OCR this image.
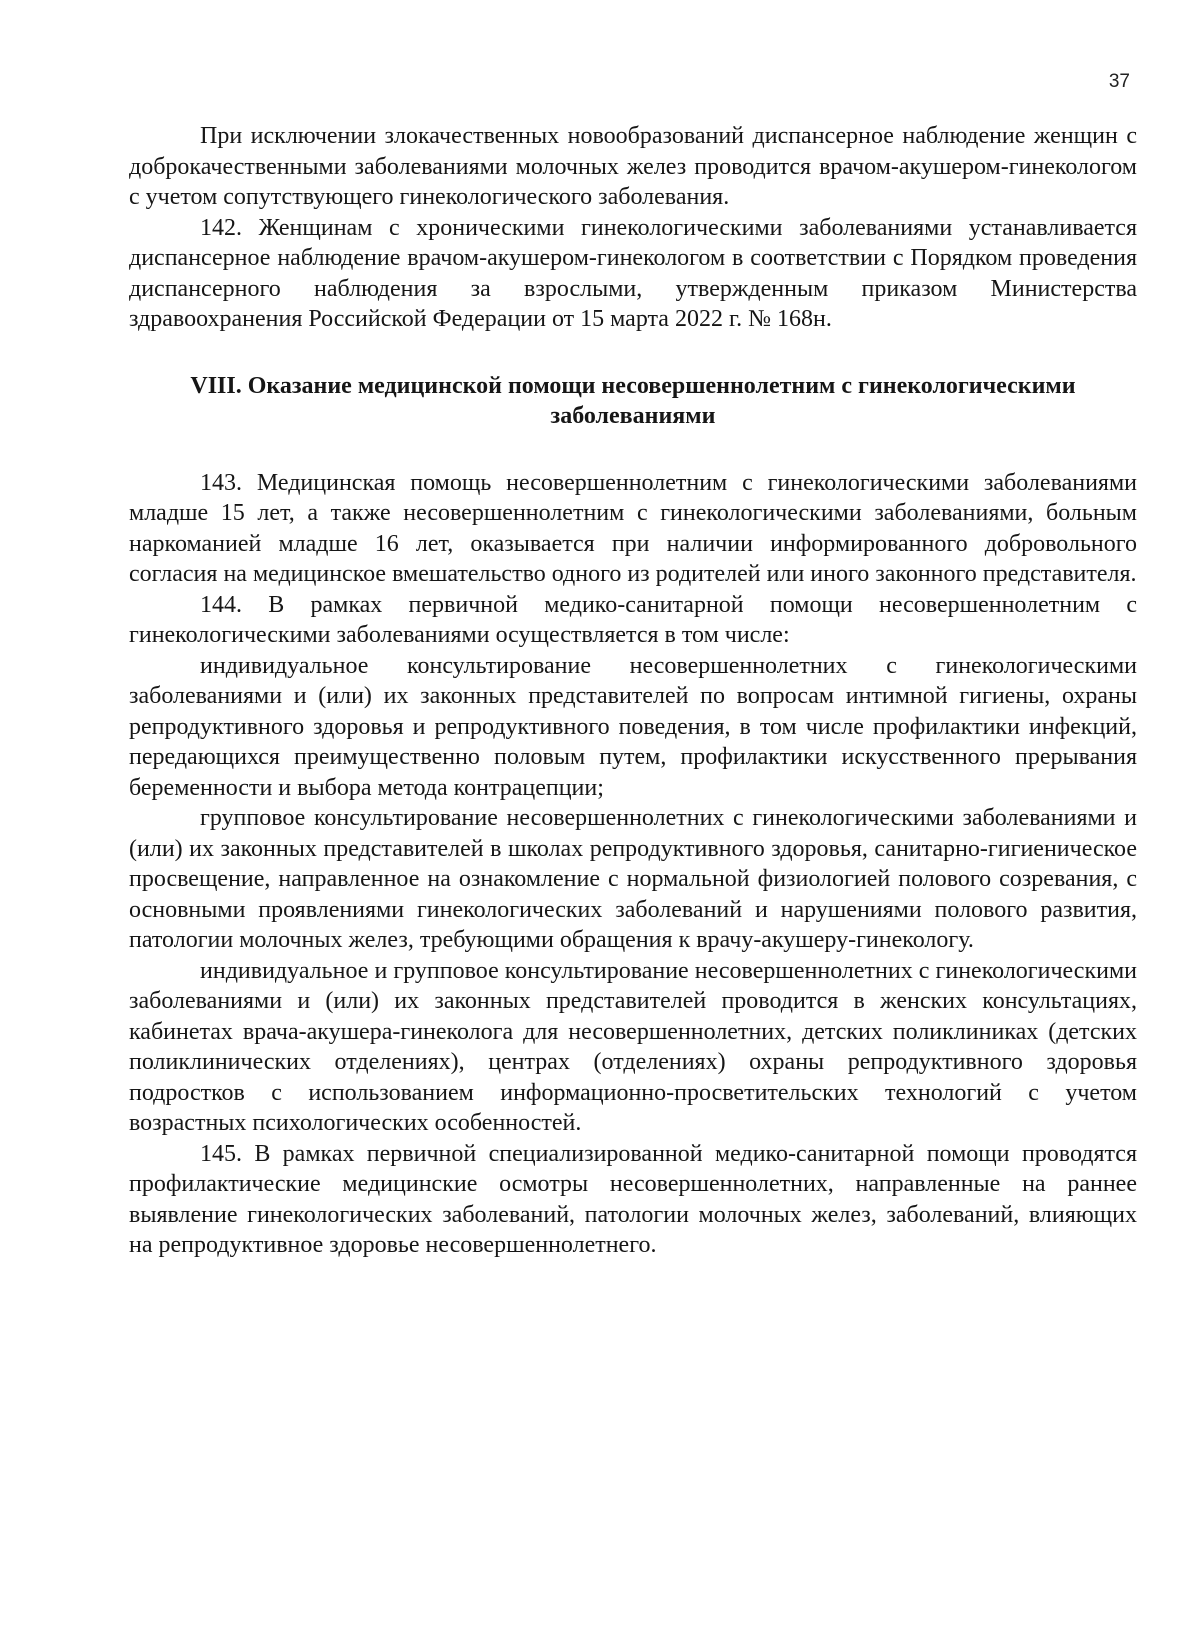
37

При исключении злокачественных новообразований диспансерное наблюдение женщин с доброкачественными заболеваниями молочных желез проводится врачом-акушером-гинекологом с учетом сопутствующего гинекологического заболевания.

142. Женщинам с хроническими гинекологическими заболеваниями устанавливается диспансерное наблюдение врачом-акушером-гинекологом в соответствии с Порядком проведения диспансерного наблюдения за взрослыми, утвержденным приказом Министерства здравоохранения Российской Федерации от 15 марта 2022 г. № 168н.

VIII. Оказание медицинской помощи несовершеннолетним с гинекологическими заболеваниями

143. Медицинская помощь несовершеннолетним с гинекологическими заболеваниями младше 15 лет, а также несовершеннолетним с гинекологическими заболеваниями, больным наркоманией младше 16 лет, оказывается при наличии информированного добровольного согласия на медицинское вмешательство одного из родителей или иного законного представителя.

144. В рамках первичной медико-санитарной помощи несовершеннолетним с гинекологическими заболеваниями осуществляется в том числе:

индивидуальное консультирование несовершеннолетних с гинекологическими заболеваниями и (или) их законных представителей по вопросам интимной гигиены, охраны репродуктивного здоровья и репродуктивного поведения, в том числе профилактики инфекций, передающихся преимущественно половым путем, профилактики искусственного прерывания беременности и выбора метода контрацепции;

групповое консультирование несовершеннолетних с гинекологическими заболеваниями и (или) их законных представителей в школах репродуктивного здоровья, санитарно-гигиеническое просвещение, направленное на ознакомление с нормальной физиологией полового созревания, с основными проявлениями гинекологических заболеваний и нарушениями полового развития, патологии молочных желез, требующими обращения к врачу-акушеру-гинекологу.

индивидуальное и групповое консультирование несовершеннолетних с гинекологическими заболеваниями и (или) их законных представителей проводится в женских консультациях, кабинетах врача-акушера-гинеколога для несовершеннолетних, детских поликлиниках (детских поликлинических отделениях), центрах (отделениях) охраны репродуктивного здоровья подростков с использованием информационно-просветительских технологий с учетом возрастных психологических особенностей.

145. В рамках первичной специализированной медико-санитарной помощи проводятся профилактические медицинские осмотры несовершеннолетних, направленные на раннее выявление гинекологических заболеваний, патологии молочных желез, заболеваний, влияющих на репродуктивное здоровье несовершеннолетнего.
